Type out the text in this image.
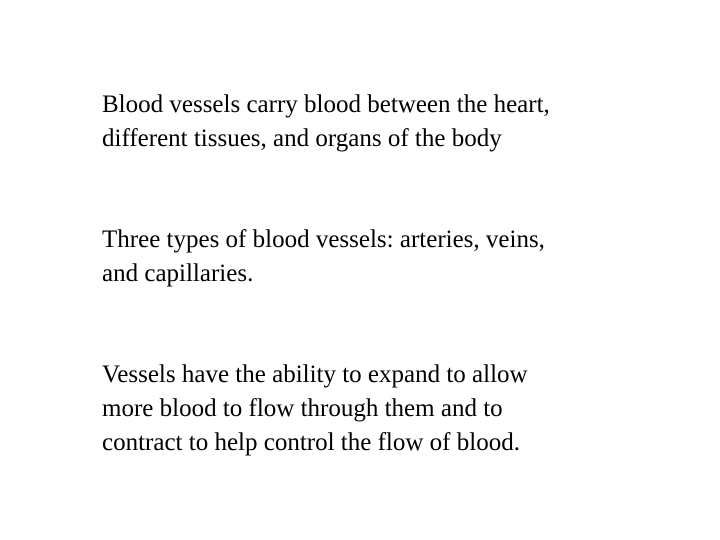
Blood vessels carry blood between the heart,
different tissues, and organs of the body

Three types of blood vessels: arteries, veins,
and capillaries.

Vessels have the ability to expand to allow
more blood to flow through them and to
contract to help control the flow of blood.
